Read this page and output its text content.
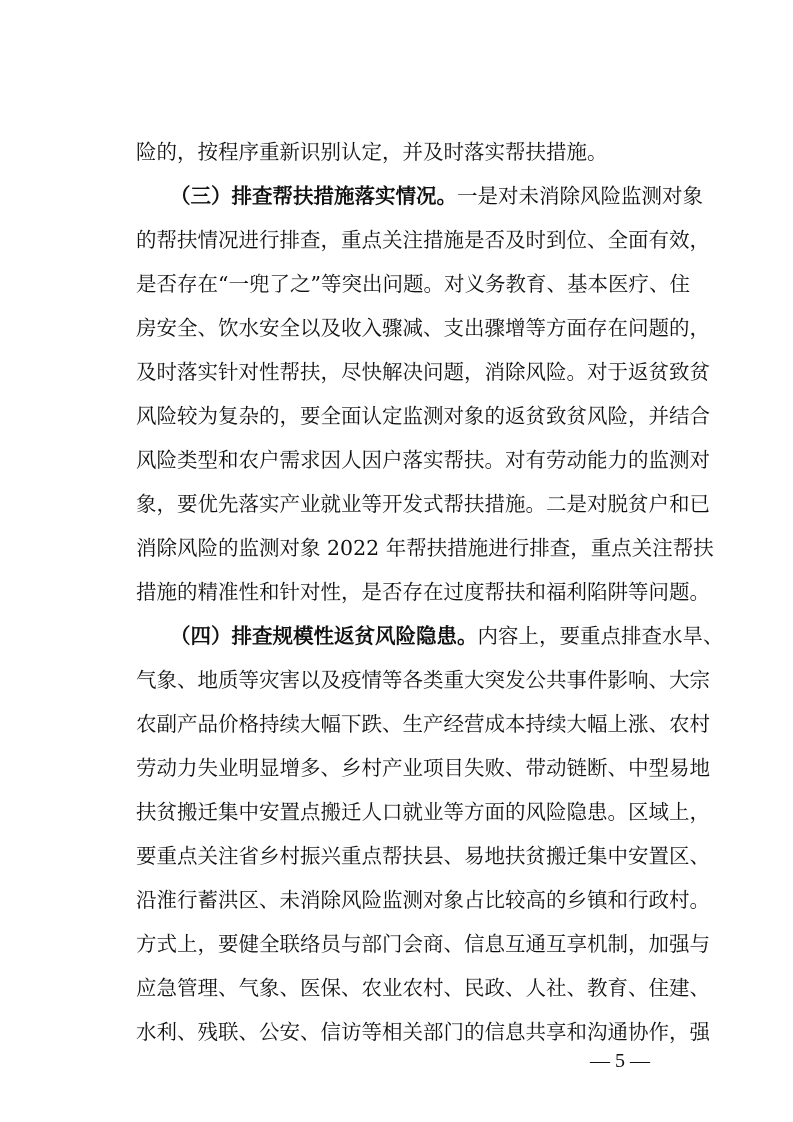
险的，按程序重新识别认定，并及时落实帮扶措施。
（三）排查帮扶措施落实情况。一是对未消除风险监测对象
的帮扶情况进行排查，重点关注措施是否及时到位、全面有效，
是否存在“一兜了之”等突出问题。对义务教育、基本医疗、住
房安全、饮水安全以及收入骤减、支出骤增等方面存在问题的，
及时落实针对性帮扶，尽快解决问题，消除风险。对于返贫致贫
风险较为复杂的，要全面认定监测对象的返贫致贫风险，并结合
风险类型和农户需求因人因户落实帮扶。对有劳动能力的监测对
象，要优先落实产业就业等开发式帮扶措施。二是对脱贫户和已
消除风险的监测对象 2022 年帮扶措施进行排查，重点关注帮扶
措施的精准性和针对性，是否存在过度帮扶和福利陷阱等问题。
（四）排查规模性返贫风险隐患。内容上，要重点排查水旱、
气象、地质等灾害以及疫情等各类重大突发公共事件影响、大宗
农副产品价格持续大幅下跌、生产经营成本持续大幅上涨、农村
劳动力失业明显增多、乡村产业项目失败、带动链断、中型易地
扶贫搬迁集中安置点搬迁人口就业等方面的风险隐患。区域上，
要重点关注省乡村振兴重点帮扶县、易地扶贫搬迁集中安置区、
沿淮行蓄洪区、未消除风险监测对象占比较高的乡镇和行政村。
方式上，要健全联络员与部门会商、信息互通互享机制，加强与
应急管理、气象、医保、农业农村、民政、人社、教育、住建、
水利、残联、公安、信访等相关部门的信息共享和沟通协作，强
— 5 —
